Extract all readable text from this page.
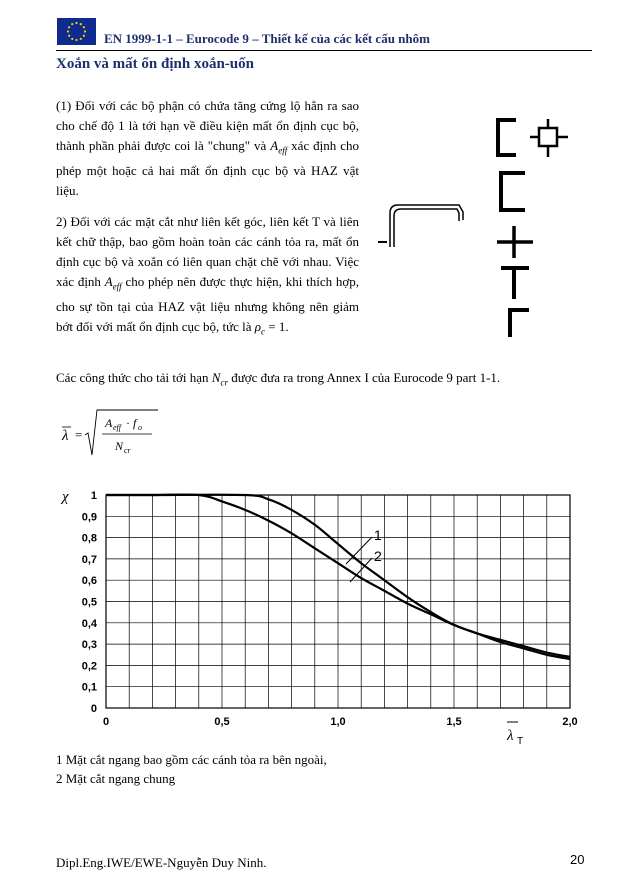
EN 1999-1-1 – Eurocode 9 – Thiết kế của các kết cấu nhôm
Xoắn và mất ổn định xoắn-uốn
(1) Đối với các bộ phận có chứa tăng cứng lộ hẳn ra sao cho chế độ 1 là tới hạn về điều kiện mất ổn định cục bộ, thành phần phải được coi là "chung" và $A_{eff}$ xác định cho phép một hoặc cả hai mất ổn định cục bộ và HAZ vật liệu.
2) Đối với các mặt cắt như liên kết góc, liên kết T và liên kết chữ thập, bao gồm hoàn toàn các cánh tỏa ra, mất ổn định cục bộ và xoắn có liên quan chặt chẽ với nhau. Việc xác định $A_{eff}$ cho phép nên được thực hiện, khi thích hợp, cho sự tồn tại của HAZ vật liệu nhưng không nên giảm bớt đối với mất ổn định cục bộ, tức là $\rho_c = 1$.
Các công thức cho tải tới hạn $N_{cr}$ được đưa ra trong Annex I của Eurocode 9 part 1-1.
λ =
A eff · f o
N cr
0	0,5	1,0	1,5	2,0
0
0,1
0,2
0,3
0,4
0,5
0,6
0,7
0,8
0,9
1
1
2
χ
λ T
1 Mặt cắt ngang bao gồm các cánh tỏa ra bên ngoài,
2 Mặt cắt ngang chung
Dipl.Eng.IWE/EWE-Nguyễn Duy Ninh.	20
